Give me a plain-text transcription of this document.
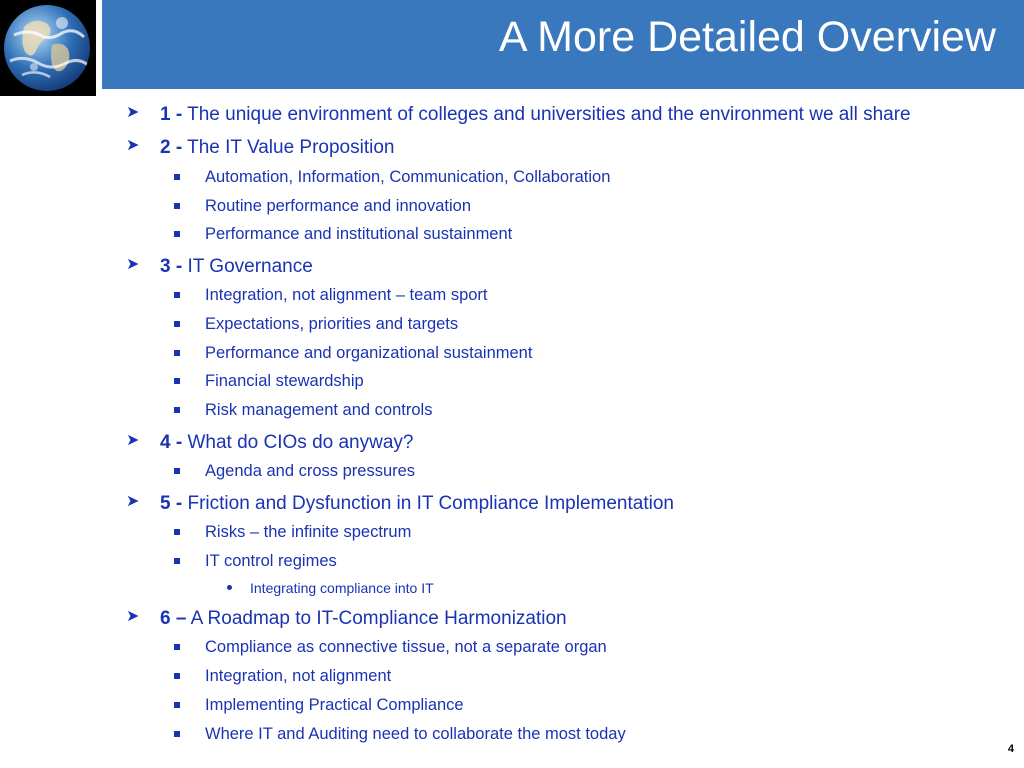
A More Detailed Overview
➤ 1 - The unique environment of colleges and universities and the environment we all share
➤ 2 - The IT Value Proposition
Automation, Information, Communication, Collaboration
Routine performance and innovation
Performance and institutional sustainment
➤ 3 - IT Governance
Integration, not alignment – team sport
Expectations, priorities and targets
Performance and organizational sustainment
Financial stewardship
Risk management and controls
➤ 4 - What do CIOs do anyway?
Agenda and cross pressures
➤ 5 - Friction and Dysfunction in IT Compliance Implementation
Risks – the infinite spectrum
IT control regimes
Integrating compliance into IT
➤ 6 – A Roadmap to IT-Compliance Harmonization
Compliance as connective tissue, not a separate organ
Integration, not alignment
Implementing Practical Compliance
Where IT and Auditing need to collaborate the most today
4
